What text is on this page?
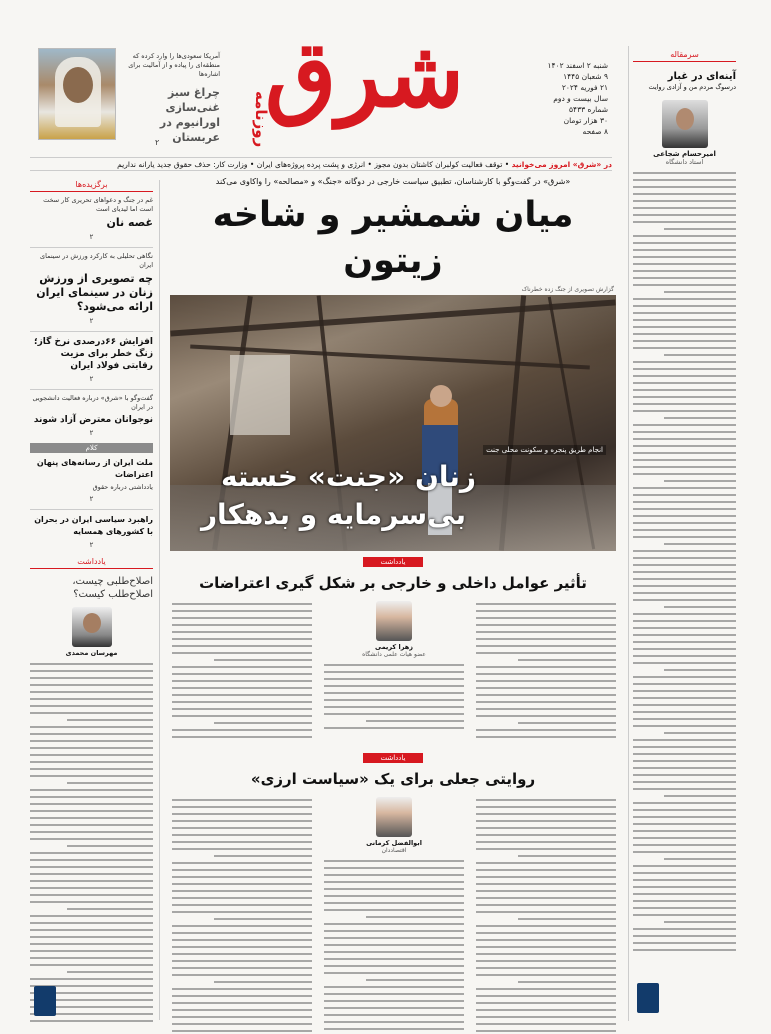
آمریکا سعودی‌ها را وارد کرده که منطقه‌ای را پیاده و از آمالیت برای اشاره‌ها
چراغ سبز غنی‌سازی اورانیوم در عربستان
۲	روزنامه
شرق	شنبه ۲ اسفند ۱۴۰۲
۹ شعبان ۱۴۴۵
۲۱ فوریه ۲۰۲۴
سال بیست و دوم
شماره ۵۴۳۳
۳۰ هزار تومان
۸ صفحه
در «شرق» امروز می‌خوانید • توقف فعالیت کولبران کاشتان بدون مجوز • انرژی و پشت پرده پروژه‌های ایران • وزارت کار: حذف حقوق جدید یارانه نداریم
سرمقاله
آینه‌ای در غبار
درسوگ مردم من و آزادی روایت
امیرحسام شجاعی
استاد دانشگاه
برگزیده‌ها
غم در جنگ و دعواهای تحریری کار سخت است اما لیدیای است
غصه نان
۲
نگاهی تحلیلی به کارکرد ورزش در سینمای ایران
چه تصویری از ورزش زنان در سینمای ایران ارائه می‌شود؟
۲
افزایش ۶۶درصدی نرخ گاز؛ زنگ خطر برای مزیت رقابتی فولاد ایران
۲
گفت‌وگو با «شرق» درباره فعالیت دانشجویی در ایران
نوجوانان معترض آزاد شوند
۲
کلام
ملت ایران از رسانه‌های پنهان اعتراضات
یادداشتی درباره حقوق
۲
راهبرد سیاسی ایران در بحران با کشورهای همسایه
۲
یادداشت
اصلاح‌طلبی چیست، اصلاح‌طلب کیست؟
مهرسان محمدی
«شرق» در گفت‌وگو با کارشناسان، تطبیق سیاست خارجی در دوگانه «جنگ» و «مصالحه» را واکاوی می‌کند
میان شمشیر و شاخه زیتون
گزارش تصویری از جنگ زده خطرناک
انجام طریق پنجره و سکونت محلی جنت
زنان «جنت» خسته
بی‌سرمایه و بدهکار
یادداشت
تأثیر عوامل داخلی و خارجی بر شکل گیری اعتراضات
زهرا کریمی
عضو هیات علمی دانشگاه
یادداشت
روایتی جعلی برای یک «سیاست ارزی»
ابوالفضل کرمانی
اقتصاددان
